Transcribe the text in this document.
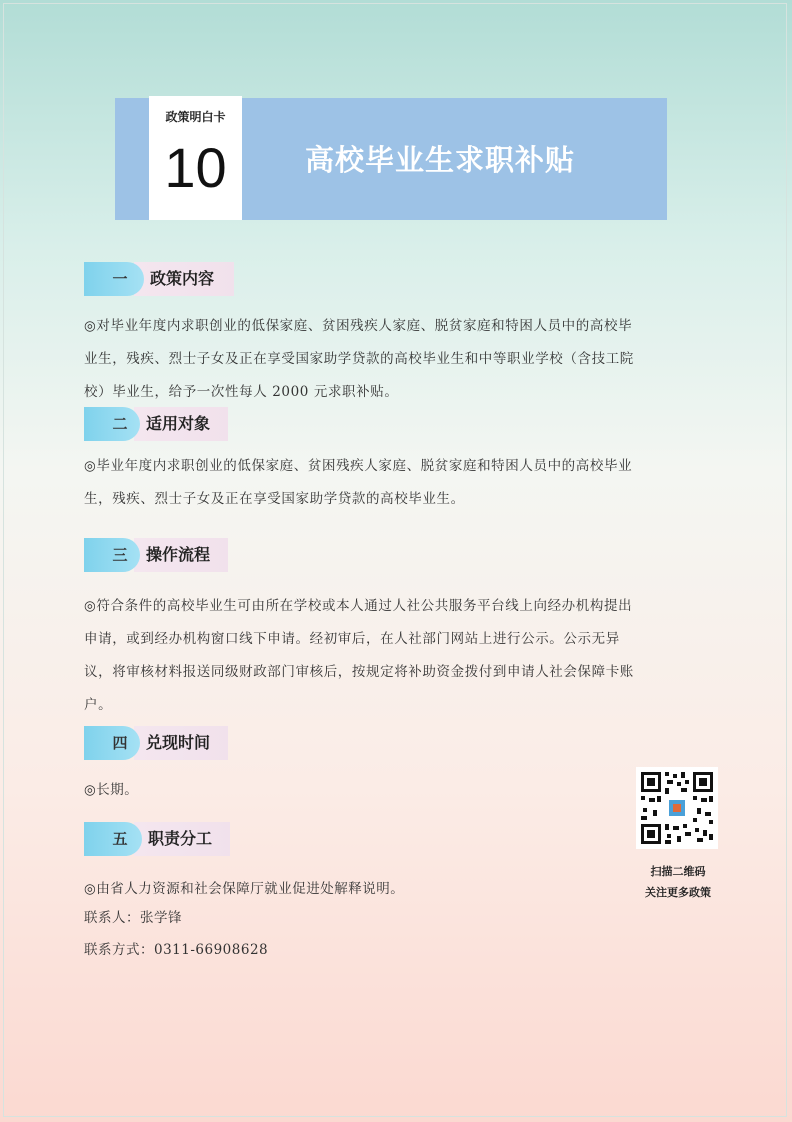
政策明白卡
10	高校毕业生求职补贴
一	政策内容
◎对毕业年度内求职创业的低保家庭、贫困残疾人家庭、脱贫家庭和特困人员中的高校毕业生，残疾、烈士子女及正在享受国家助学贷款的高校毕业生和中等职业学校（含技工院校）毕业生，给予一次性每人 2000 元求职补贴。
二	适用对象
◎毕业年度内求职创业的低保家庭、贫困残疾人家庭、脱贫家庭和特困人员中的高校毕业生，残疾、烈士子女及正在享受国家助学贷款的高校毕业生。
三	操作流程
◎符合条件的高校毕业生可由所在学校或本人通过人社公共服务平台线上向经办机构提出申请，或到经办机构窗口线下申请。经初审后，在人社部门网站上进行公示。公示无异议，将审核材料报送同级财政部门审核后，按规定将补助资金拨付到申请人社会保障卡账户。
四	兑现时间
◎长期。
五	职责分工
◎由省人力资源和社会保障厅就业促进处解释说明。
联系人：张学锋
联系方式：0311-66908628
扫描二维码
关注更多政策
